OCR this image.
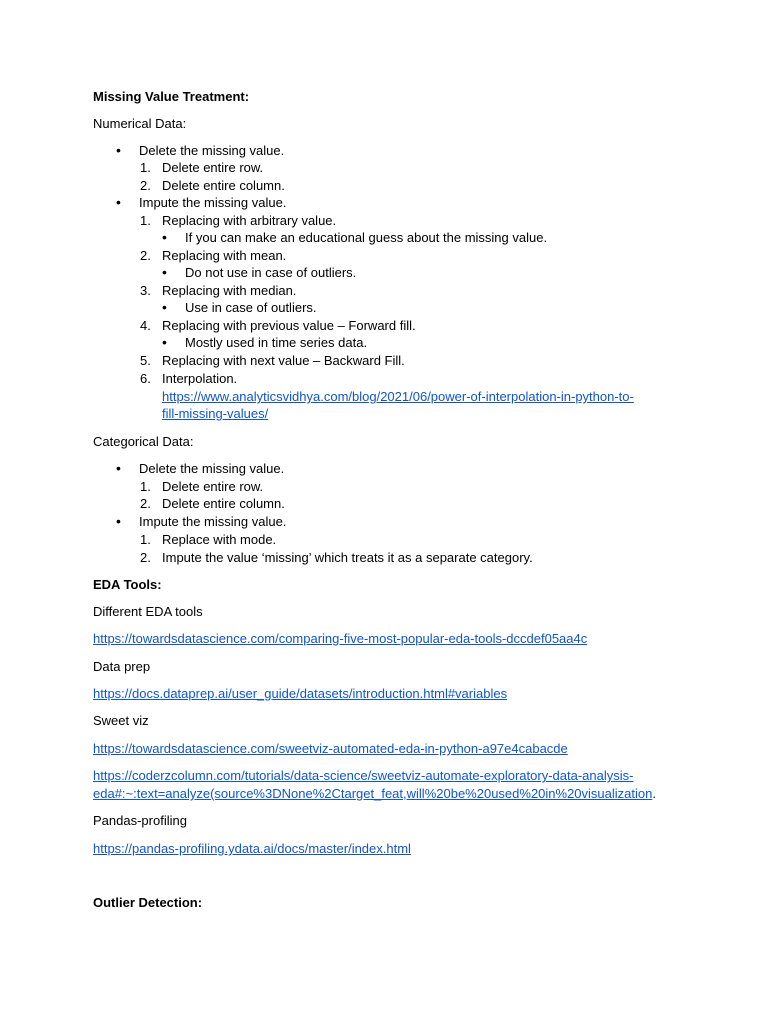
Missing Value Treatment:
Numerical Data:
• Delete the missing value.
1. Delete entire row.
2. Delete entire column.
• Impute the missing value.
1. Replacing with arbitrary value.
• If you can make an educational guess about the missing value.
2. Replacing with mean.
• Do not use in case of outliers.
3. Replacing with median.
• Use in case of outliers.
4. Replacing with previous value – Forward fill.
• Mostly used in time series data.
5. Replacing with next value – Backward Fill.
6. Interpolation.
https://www.analyticsvidhya.com/blog/2021/06/power-of-interpolation-in-python-to-
fill-missing-values/
Categorical Data:
• Delete the missing value.
1. Delete entire row.
2. Delete entire column.
• Impute the missing value.
1. Replace with mode.
2. Impute the value ‘missing’ which treats it as a separate category.
EDA Tools:
Different EDA tools
https://towardsdatascience.com/comparing-five-most-popular-eda-tools-dccdef05aa4c
Data prep
https://docs.dataprep.ai/user_guide/datasets/introduction.html#variables
Sweet viz
https://towardsdatascience.com/sweetviz-automated-eda-in-python-a97e4cabacde
https://coderzcolumn.com/tutorials/data-science/sweetviz-automate-exploratory-data-analysis-
eda#:~:text=analyze(source%3DNone%2Ctarget_feat,will%20be%20used%20in%20visualization.
Pandas-profiling
https://pandas-profiling.ydata.ai/docs/master/index.html
Outlier Detection:
